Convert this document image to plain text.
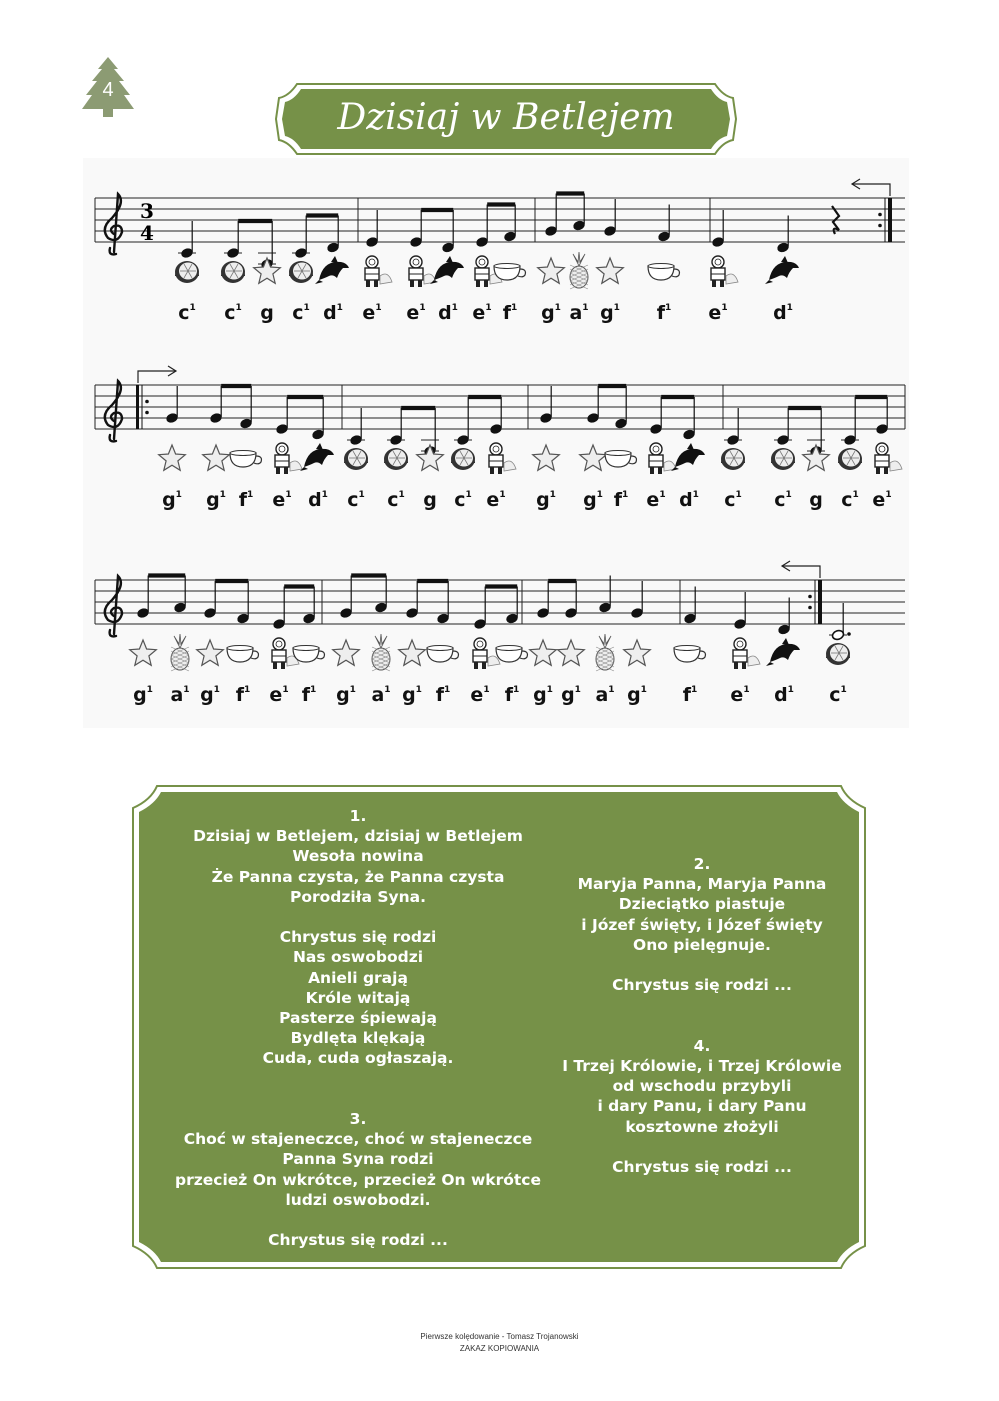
4
Dzisiaj w Betlejem
3
4
$c^1$	$c^1$ g $c^1$ $d^1$ $e^1$ $e^1$ $d^1$ $e^1$ $f^1$	$g^1$ $a^1$ $g^1$	$f^1$	$e^1$ $d^1$
$g^1$ $g^1$ $f^1$	$e^1$ $d^1$	$c^1$	$c^1$ g $c^1$ $e^1$ $g^1$ $g^1$ $f^1$ $e^1$ $d^1$	$c^1$	$c^1$ g $c^1$ $e^1$
$g^1$ $a^1$ $g^1$ $f^1$	$e^1$ $f^1$	$g^1$ $a^1$ $g^1$ $f^1$	$e^1$ $f^1$ $g^1$ $g^1$ $a^1$ $g^1$	$f^1$	$e^1$ $d^1$	$c^1$
1.
Dzisiaj w Betlejem, dzisiaj w Betlejem
Wesoła nowina
Że Panna czysta, że Panna czysta
Porodziła Syna.
Chrystus się rodzi
Nas oswobodzi
Anieli grają
Króle witają
Pasterze śpiewają
Bydlęta klękają
Cuda, cuda ogłaszają.
3.
Choć w stajeneczce, choć w stajeneczce
Panna Syna rodzi
przecież On wkrótce, przecież On wkrótce
ludzi oswobodzi.
Chrystus się rodzi ...
2.
Maryja Panna, Maryja Panna
Dzieciątko piastuje
i Józef święty, i Józef święty
Ono pielęgnuje.
Chrystus się rodzi ...
4.
I Trzej Królowie, i Trzej Królowie
od wschodu przybyli
i dary Panu, i dary Panu
kosztowne złożyli
Chrystus się rodzi ...
Pierwsze kolędowanie - Tomasz Trojanowski
ZAKAZ KOPIOWANIA
